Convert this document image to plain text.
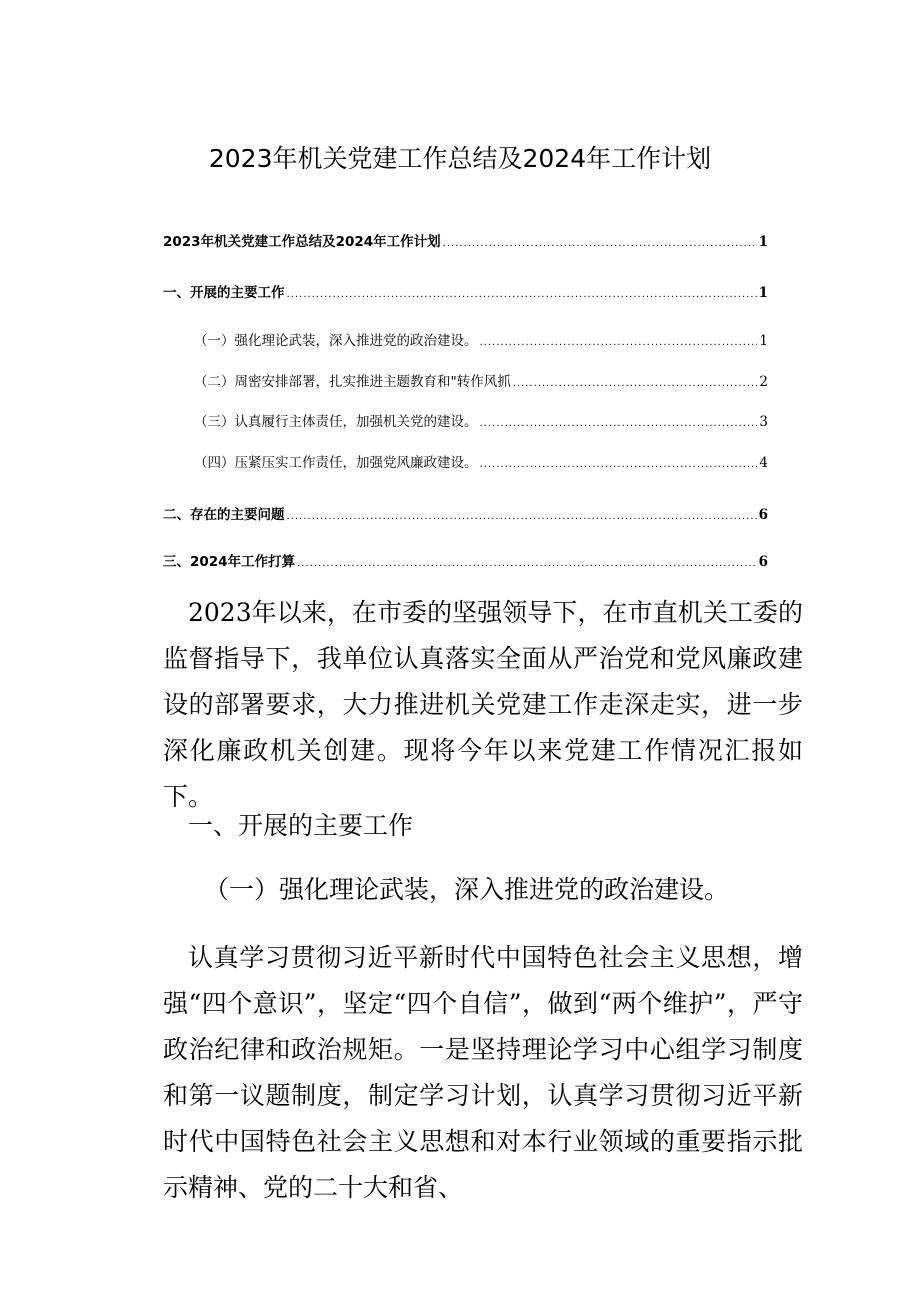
2023年机关党建工作总结及2024年工作计划
2023年机关党建工作总结及2024年工作计划 .....	1
一、开展的主要工作 .....	1
（一）强化理论武装，深入推进党的政治建设。 .....	1
（二）周密安排部署，扎实推进主题教育和"转作风抓 .....	2
（三）认真履行主体责任，加强机关党的建设。 .....	3
（四）压紧压实工作责任，加强党风廉政建设。 .....	4
二、存在的主要问题 .....	6
三、2024年工作打算 .....	6

2023年以来，在市委的坚强领导下，在市直机关工委的监督指导下，我单位认真落实全面从严治党和党风廉政建设的部署要求，大力推进机关党建工作走深走实，进一步深化廉政机关创建。现将今年以来党建工作情况汇报如下。

一、开展的主要工作
（一）强化理论武装，深入推进党的政治建设。

认真学习贯彻习近平新时代中国特色社会主义思想，增强“四个意识”，坚定“四个自信”，做到“两个维护”，严守政治纪律和政治规矩。一是坚持理论学习中心组学习制度和第一议题制度，制定学习计划，认真学习贯彻习近平新时代中国特色社会主义思想和对本行业领域的重要指示批示精神、党的二十大和省、
